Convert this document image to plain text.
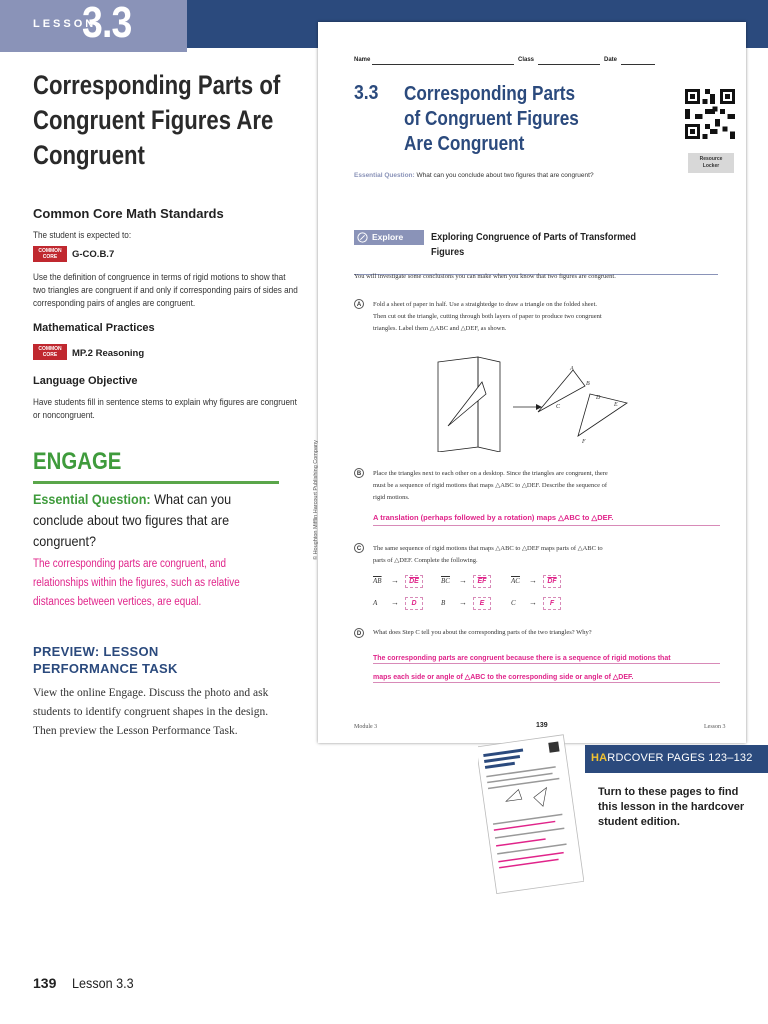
LESSON
3.3
Corresponding Parts of
Congruent Figures Are
Congruent
Common Core Math Standards
The student is expected to:
COMMON CORE	G-CO.B.7
Use the definition of congruence in terms of rigid motions to show that
two triangles are congruent if and only if corresponding pairs of sides and
corresponding pairs of angles are congruent.
Mathematical Practices
COMMON CORE	MP.2 Reasoning
Language Objective
Have students fill in sentence stems to explain why figures are congruent
or noncongruent.
ENGAGE
Essential Question: What can you conclude about two figures that are congruent?
The corresponding parts are congruent, and relationships within the figures, such as relative distances between vertices, are equal.
PREVIEW: LESSON
PERFORMANCE TASK
View the online Engage. Discuss the photo and ask students to identify congruent shapes in the design. Then preview the Lesson Performance Task.
139 Lesson 3.3
Name	Class	Date
3.3 Corresponding Parts
of Congruent Figures
Are Congruent
Resource
Locker
Essential Question: What can you conclude about two figures that are congruent?
Explore	Exploring Congruence of Parts of Transformed
Figures
You will investigate some conclusions you can make when you know that two figures are congruent.
A	Fold a sheet of paper in half. Use a straightedge to draw a triangle on the folded sheet.
Then cut out the triangle, cutting through both layers of paper to produce two congruent
triangles. Label them △ABC and △DEF, as shown.
A
B
C
D
E
F
B	Place the triangles next to each other on a desktop. Since the triangles are congruent, there
must be a sequence of rigid motions that maps △ABC to △DEF. Describe the sequence of
rigid motions.
A translation (perhaps followed by a rotation) maps △ABC to △DEF.
C	The same sequence of rigid motions that maps △ABC to △DEF maps parts of △ABC to
parts of △DEF. Complete the following.
$\overline{AB}$ →	$\overline{DE}$	$\overline{BC}$ →	$\overline{EF}$	$\overline{AC}$ →	$\overline{DF}$
A →	D	B →	E	C →	F
D	What does Step C tell you about the corresponding parts of the two triangles? Why?
The corresponding parts are congruent because there is a sequence of rigid motions that
maps each side or angle of △ABC to the corresponding side or angle of △DEF.
Module 3	139	Lesson 3
© Houghton Mifflin Harcourt Publishing Company
HARDCOVER PAGES 123–132
Turn to these pages to find this lesson in the hardcover student edition.
